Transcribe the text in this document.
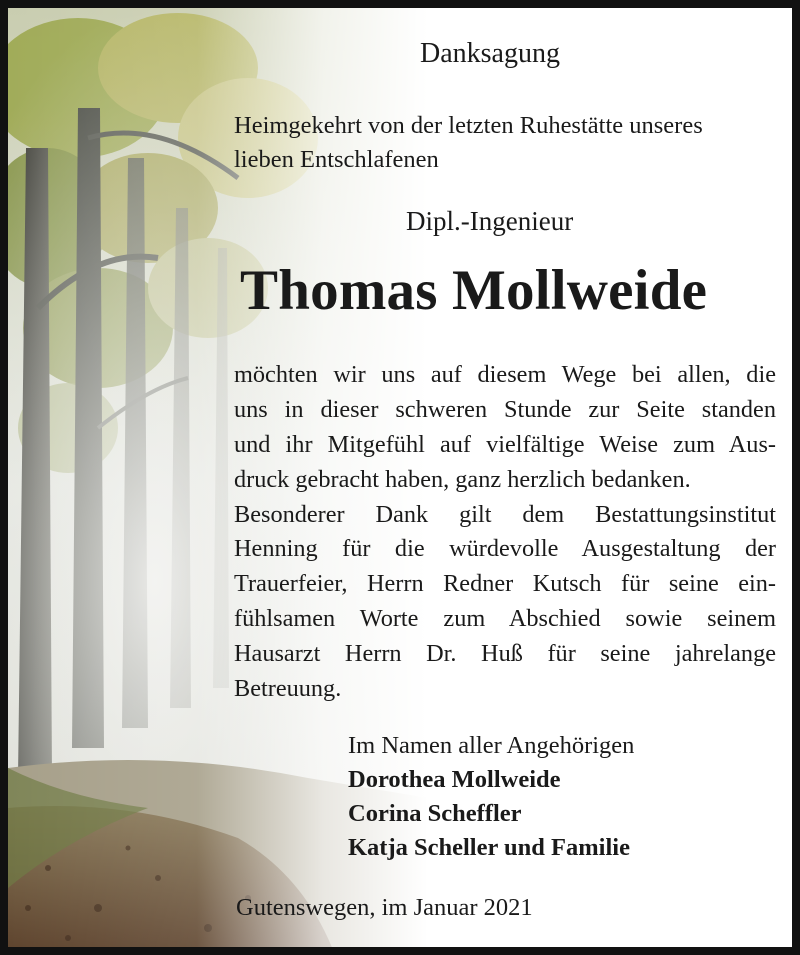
Danksagung
Heimgekehrt von der letzten Ruhestätte unseres
lieben Entschlafenen
Dipl.-Ingenieur
Thomas Mollweide
möchten wir uns auf diesem Wege bei allen, die
uns in dieser schweren Stunde zur Seite standen
und ihr Mitgefühl auf vielfältige Weise zum Aus-
druck gebracht haben, ganz herzlich bedanken.
Besonderer Dank gilt dem Bestattungsinstitut
Henning für die würdevolle Ausgestaltung der
Trauerfeier, Herrn Redner Kutsch für seine ein-
fühlsamen Worte zum Abschied sowie seinem
Hausarzt Herrn Dr. Huß für seine jahrelange
Betreuung.
Im Namen aller Angehörigen
Dorothea Mollweide
Corina Scheffler
Katja Scheller und Familie
Gutenswegen, im Januar 2021
